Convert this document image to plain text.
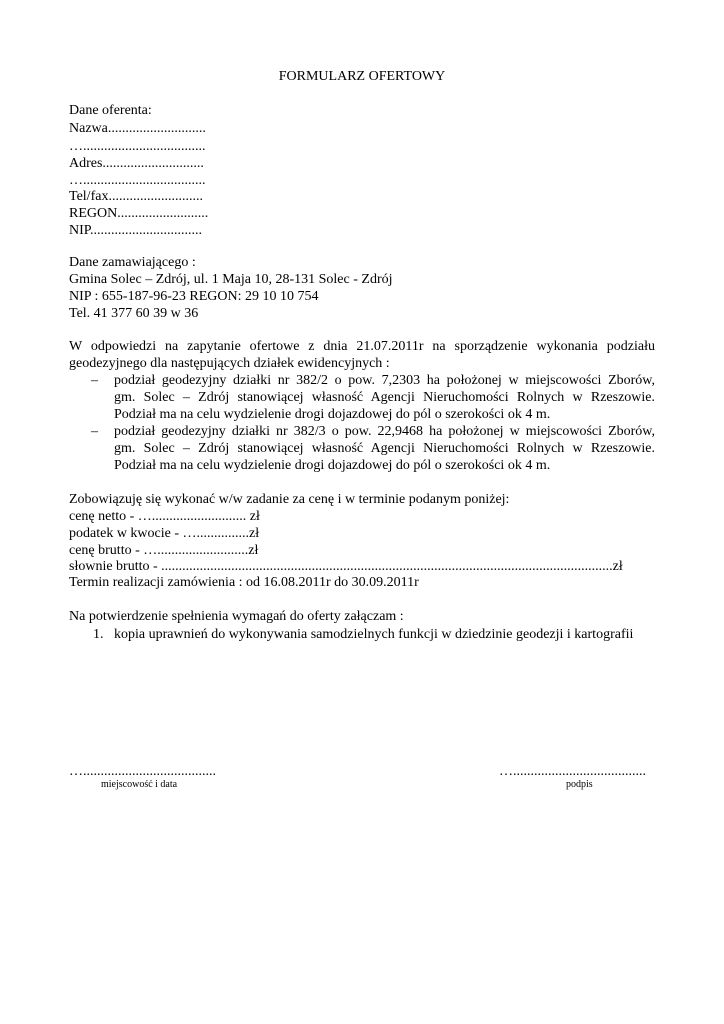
FORMULARZ OFERTOWY
Dane oferenta:
Nazwa............................
…...................................
Adres.............................
…...................................
Tel/fax...........................
REGON..........................
NIP................................
Dane zamawiającego :
Gmina Solec – Zdrój, ul. 1 Maja 10, 28-131 Solec - Zdrój
NIP : 655-187-96-23 REGON: 29 10 10 754
Tel. 41 377 60 39 w 36
W odpowiedzi na zapytanie ofertowe z dnia 21.07.2011r na sporządzenie wykonania podziału
geodezyjnego dla następujących działek ewidencyjnych :
– podział geodezyjny działki nr 382/2 o pow. 7,2303 ha położonej w miejscowości Zborów,
gm. Solec – Zdrój stanowiącej własność Agencji Nieruchomości Rolnych w Rzeszowie.
Podział ma na celu wydzielenie drogi dojazdowej do pól o szerokości ok 4 m.
– podział geodezyjny działki nr 382/3 o pow. 22,9468 ha położonej w miejscowości Zborów,
gm. Solec – Zdrój stanowiącej własność Agencji Nieruchomości Rolnych w Rzeszowie.
Podział ma na celu wydzielenie drogi dojazdowej do pól o szerokości ok 4 m.
Zobowiązuję się wykonać w/w zadanie za cenę i w terminie podanym poniżej:
cenę netto - …........................... zł
podatek w kwocie - …...............zł
cenę brutto - …..........................zł
słownie brutto - .................................................................................................................................zł
Termin realizacji zamówienia : od 16.08.2011r do 30.09.2011r
Na potwierdzenie spełnienia wymagań do oferty załączam :
1. kopia uprawnień do wykonywania samodzielnych funkcji w dziedzinie geodezji i kartografii
…......................................
miejscowość i data
…......................................
podpis
